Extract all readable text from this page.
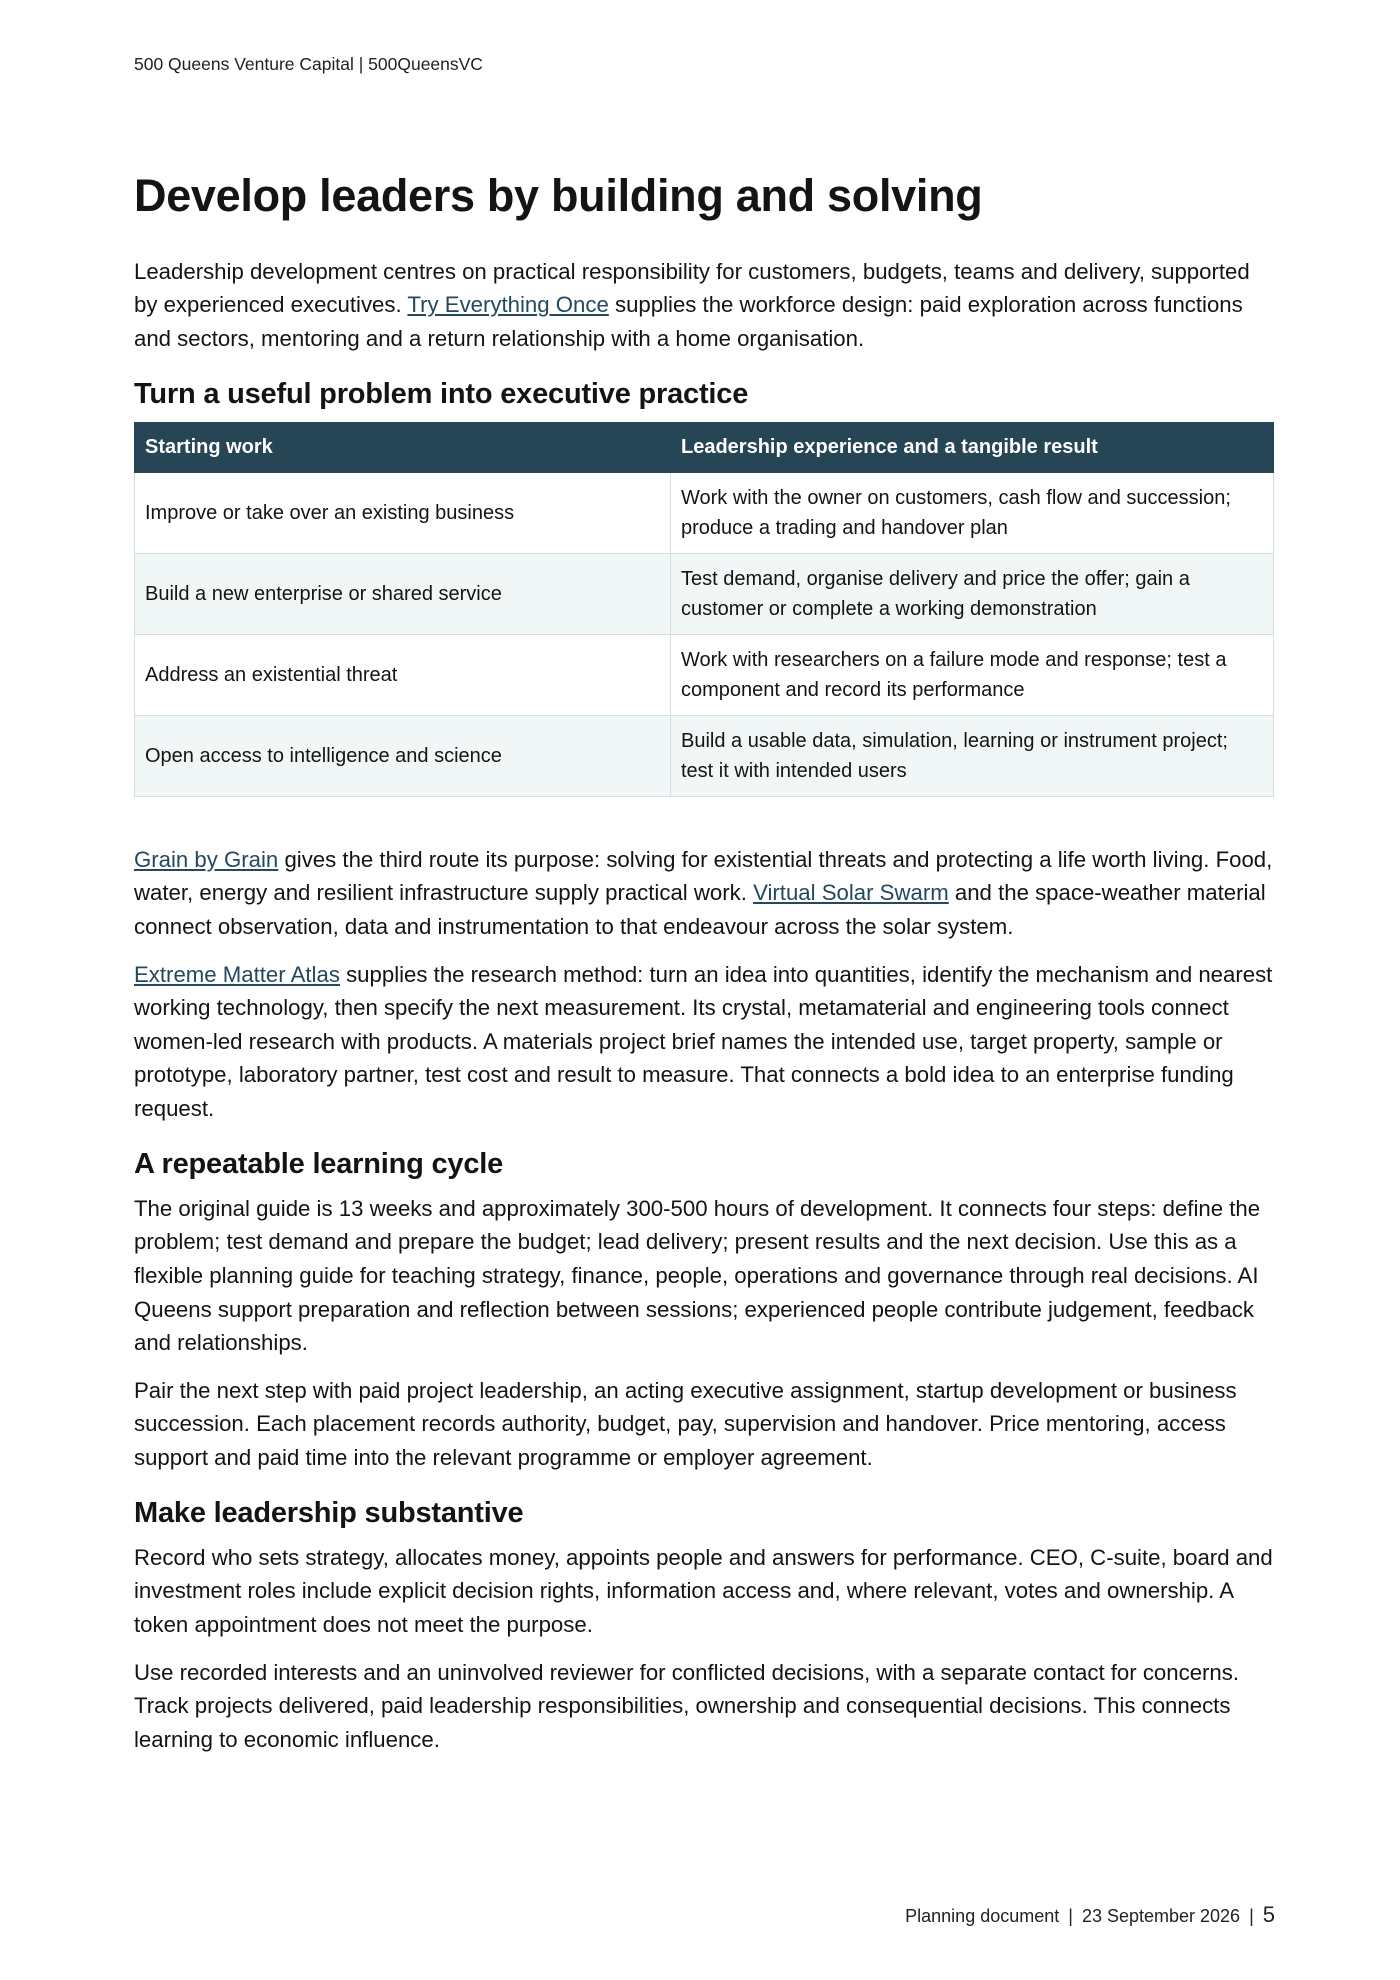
500 Queens Venture Capital | 500QueensVC
Develop leaders by building and solving

Leadership development centres on practical responsibility for customers, budgets, teams and delivery, supported by experienced executives. Try Everything Once supplies the workforce design: paid exploration across functions and sectors, mentoring and a return relationship with a home organisation.

Turn a useful problem into executive practice
Starting work	Leadership experience and a tangible result
Improve or take over an existing business	Work with the owner on customers, cash flow and succession; produce a trading and handover plan
Build a new enterprise or shared service	Test demand, organise delivery and price the offer; gain a customer or complete a working demonstration
Address an existential threat	Work with researchers on a failure mode and response; test a component and record its performance
Open access to intelligence and science	Build a usable data, simulation, learning or instrument project; test it with intended users

Grain by Grain gives the third route its purpose: solving for existential threats and protecting a life worth living. Food, water, energy and resilient infrastructure supply practical work. Virtual Solar Swarm and the space-weather material connect observation, data and instrumentation to that endeavour across the solar system.

Extreme Matter Atlas supplies the research method: turn an idea into quantities, identify the mechanism and nearest working technology, then specify the next measurement. Its crystal, metamaterial and engineering tools connect women-led research with products. A materials project brief names the intended use, target property, sample or prototype, laboratory partner, test cost and result to measure. That connects a bold idea to an enterprise funding request.

A repeatable learning cycle

The original guide is 13 weeks and approximately 300-500 hours of development. It connects four steps: define the problem; test demand and prepare the budget; lead delivery; present results and the next decision. Use this as a flexible planning guide for teaching strategy, finance, people, operations and governance through real decisions. AI Queens support preparation and reflection between sessions; experienced people contribute judgement, feedback and relationships.

Pair the next step with paid project leadership, an acting executive assignment, startup development or business succession. Each placement records authority, budget, pay, supervision and handover. Price mentoring, access support and paid time into the relevant programme or employer agreement.

Make leadership substantive

Record who sets strategy, allocates money, appoints people and answers for performance. CEO, C-suite, board and investment roles include explicit decision rights, information access and, where relevant, votes and ownership. A token appointment does not meet the purpose.

Use recorded interests and an uninvolved reviewer for conflicted decisions, with a separate contact for concerns. Track projects delivered, paid leadership responsibilities, ownership and consequential decisions. This connects learning to economic influence.

Planning document | 23 September 2026 | 5
